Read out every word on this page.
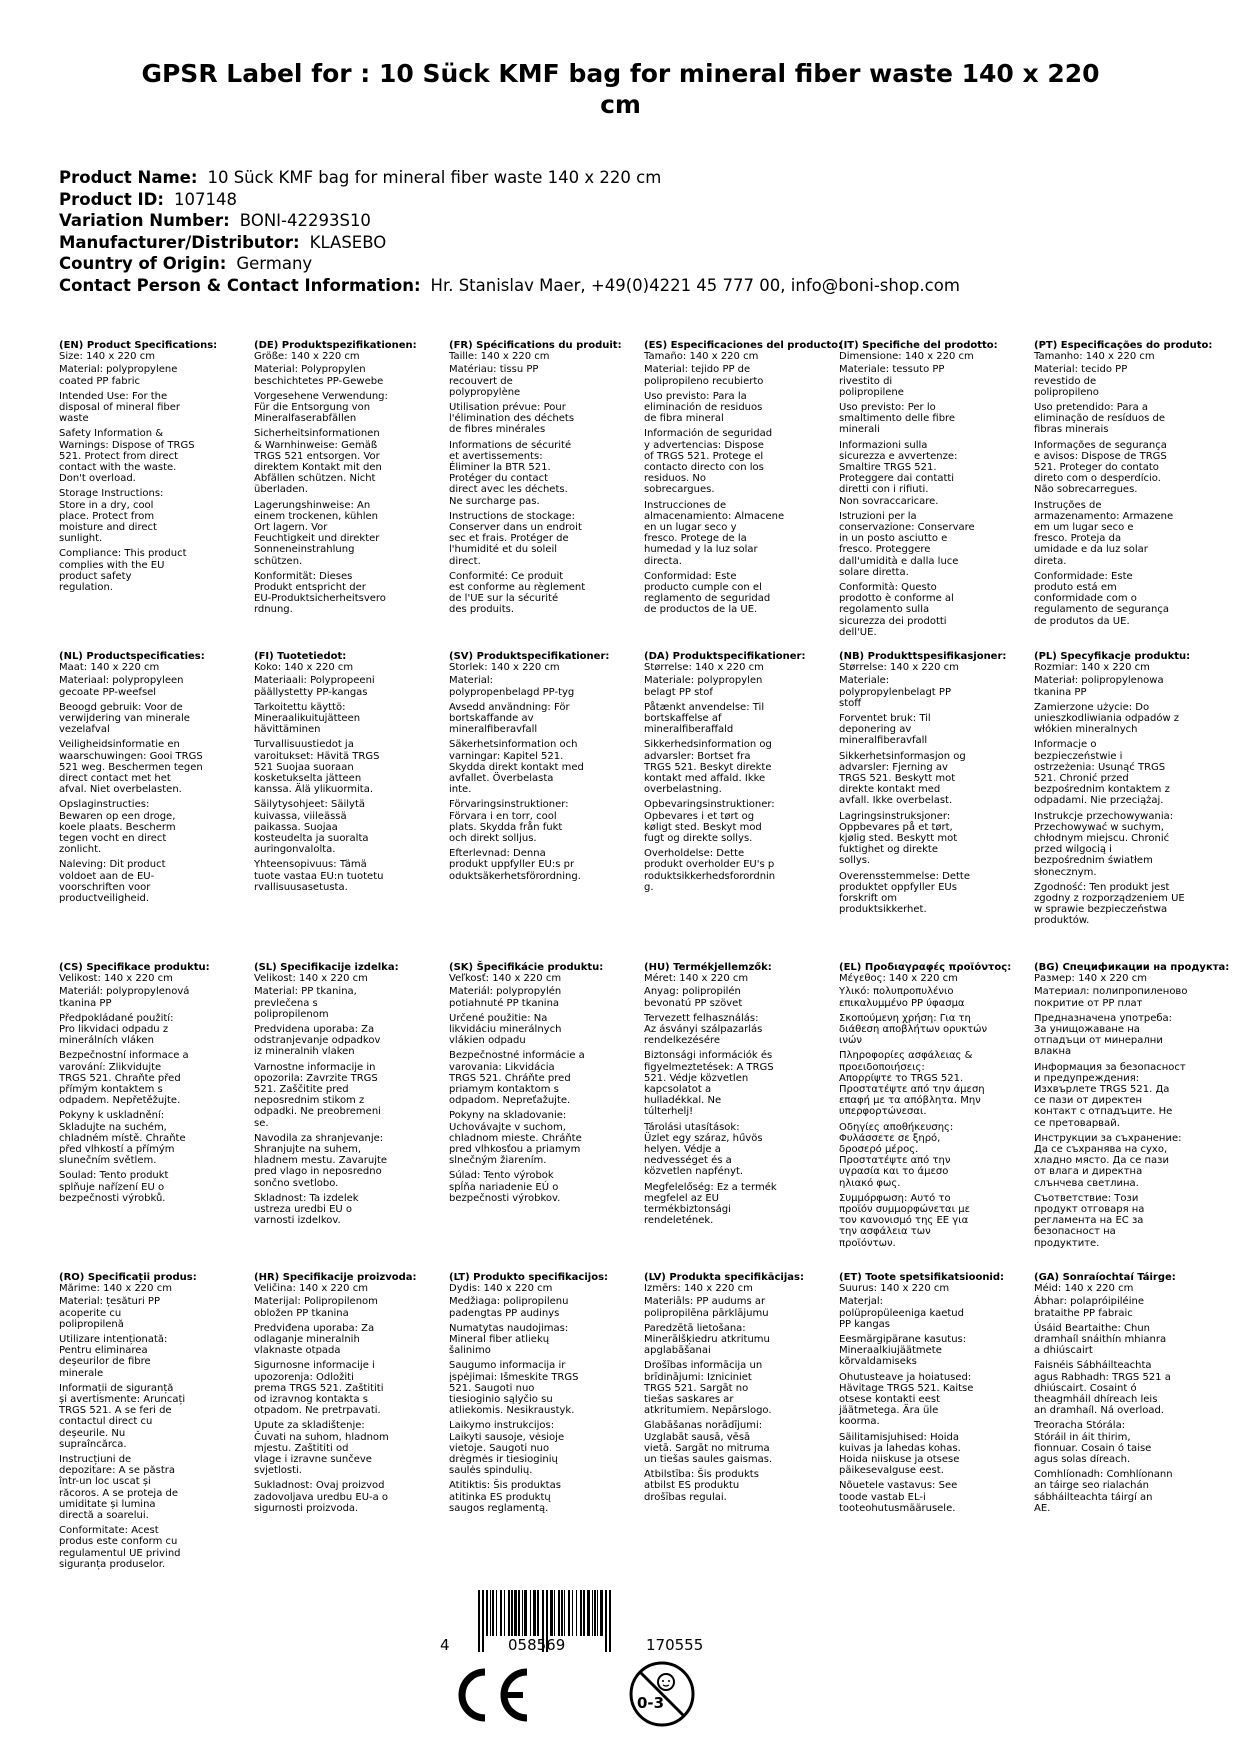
GPSR Label for : 10 Sück KMF bag for mineral fiber waste 140 x 220 cm
Product Name: 10 Sück KMF bag for mineral fiber waste 140 x 220 cm
Product ID: 107148
Variation Number: BONI-42293S10
Manufacturer/Distributor: KLASEBO
Country of Origin: Germany
Contact Person & Contact Information: Hr. Stanislav Maer, +49(0)4221 45 777 00, info@boni-shop.com
(EN) Product Specifications:

Size: 140 x 220 cm

Material: polypropylene
coated PP fabric

Intended Use: For the
disposal of mineral fiber
waste

Safety Information &
Warnings: Dispose of TRGS
521. Protect from direct
contact with the waste.
Don't overload.

Storage Instructions:
Store in a dry, cool
place. Protect from
moisture and direct
sunlight.

Compliance: This product
complies with the EU
product safety
regulation.

(DE) Produktspezifikationen:

Größe: 140 x 220 cm

Material: Polypropylen
beschichtetes PP-Gewebe

Vorgesehene Verwendung:
Für die Entsorgung von
Mineralfaserabfällen

Sicherheitsinformationen
& Warnhinweise: Gemäß
TRGS 521 entsorgen. Vor
direktem Kontakt mit den
Abfällen schützen. Nicht
überladen.

Lagerungshinweise: An
einem trockenen, kühlen
Ort lagern. Vor
Feuchtigkeit und direkter
Sonneneinstrahlung
schützen.

Konformität: Dieses
Produkt entspricht der
EU-Produktsicherheitsvero
rdnung.

(FR) Spécifications du produit:

Taille: 140 x 220 cm

Matériau: tissu PP
recouvert de
polypropylène

Utilisation prévue: Pour
l'élimination des déchets
de fibres minérales

Informations de sécurité
et avertissements:
Éliminer la BTR 521.
Protéger du contact
direct avec les déchets.
Ne surcharge pas.

Instructions de stockage:
Conserver dans un endroit
sec et frais. Protéger de
l'humidité et du soleil
direct.

Conformité: Ce produit
est conforme au règlement
de l'UE sur la sécurité
des produits.

(ES) Especificaciones del producto:

Tamaño: 140 x 220 cm

Material: tejido PP de
polipropileno recubierto

Uso previsto: Para la
eliminación de residuos
de fibra mineral

Información de seguridad
y advertencias: Dispose
of TRGS 521. Protege el
contacto directo con los
residuos. No
sobrecargues.

Instrucciones de
almacenamiento: Almacene
en un lugar seco y
fresco. Protege de la
humedad y la luz solar
directa.

Conformidad: Este
producto cumple con el
reglamento de seguridad
de productos de la UE.

(IT) Specifiche del prodotto:

Dimensione: 140 x 220 cm

Materiale: tessuto PP
rivestito di
polipropilene

Uso previsto: Per lo
smaltimento delle fibre
minerali

Informazioni sulla
sicurezza e avvertenze:
Smaltire TRGS 521.
Proteggere dai contatti
diretti con i rifiuti.
Non sovraccaricare.

Istruzioni per la
conservazione: Conservare
in un posto asciutto e
fresco. Proteggere
dall'umidità e dalla luce
solare diretta.

Conformità: Questo
prodotto è conforme al
regolamento sulla
sicurezza dei prodotti
dell'UE.

(PT) Especificações do produto:

Tamanho: 140 x 220 cm

Material: tecido PP
revestido de
polipropileno

Uso pretendido: Para a
eliminação de resíduos de
fibras minerais

Informações de segurança
e avisos: Dispose de TRGS
521. Proteger do contato
direto com o desperdício.
Não sobrecarregues.

Instruções de
armazenamento: Armazene
em um lugar seco e
fresco. Proteja da
umidade e da luz solar
direta.

Conformidade: Este
produto está em
conformidade com o
regulamento de segurança
de produtos da UE.

(NL) Productspecificaties:

Maat: 140 x 220 cm

Materiaal: polypropyleen
gecoate PP-weefsel

Beoogd gebruik: Voor de
verwijdering van minerale
vezelafval

Veiligheidsinformatie en
waarschuwingen: Gooi TRGS
521 weg. Beschermen tegen
direct contact met het
afval. Niet overbelasten.

Opslaginstructies:
Bewaren op een droge,
koele plaats. Bescherm
tegen vocht en direct
zonlicht.

Naleving: Dit product
voldoet aan de EU-
voorschriften voor
productveiligheid.

(FI) Tuotetiedot:

Koko: 140 x 220 cm

Materiaali: Polypropeeni
päällystetty PP-kangas

Tarkoitettu käyttö:
Mineraalikuitujätteen
hävittäminen

Turvallisuustiedot ja
varoitukset: Hävitä TRGS
521 Suojaa suoraan
kosketukselta jätteen
kanssa. Älä ylikuormita.

Säilytysohjeet: Säilytä
kuivassa, viileässä
paikassa. Suojaa
kosteudelta ja suoralta
auringonvalolta.

Yhteensopivuus: Tämä
tuote vastaa EU:n tuotetu
rvallisuusasetusta.

(SV) Produktspecifikationer:

Storlek: 140 x 220 cm

Material:
polypropenbelagd PP-tyg

Avsedd användning: För
bortskaffande av
mineralfiberavfall

Säkerhetsinformation och
varningar: Kapitel 521.
Skydda direkt kontakt med
avfallet. Överbelasta
inte.

Förvaringsinstruktioner:
Förvara i en torr, cool
plats. Skydda från fukt
och direkt solljus.

Efterlevnad: Denna
produkt uppfyller EU:s pr
oduktsäkerhetsförordning.

(DA) Produktspecifikationer:

Størrelse: 140 x 220 cm

Materiale: polypropylen
belagt PP stof

Påtænkt anvendelse: Til
bortskaffelse af
mineralfiberaffald

Sikkerhedsinformation og
advarsler: Bortset fra
TRGS 521. Beskyt direkte
kontakt med affald. Ikke
overbelastning.

Opbevaringsinstruktioner:
Opbevares i et tørt og
køligt sted. Beskyt mod
fugt og direkte sollys.

Overholdelse: Dette
produkt overholder EU's p
roduktsikkerhedsforordnin
g.

(NB) Produkttspesifikasjoner:

Størrelse: 140 x 220 cm

Materiale:
polypropylenbelagt PP
stoff

Forventet bruk: Til
deponering av
mineralfiberavfall

Sikkerhetsinformasjon og
advarsler: Fjerning av
TRGS 521. Beskytt mot
direkte kontakt med
avfall. Ikke overbelast.

Lagringsinstruksjoner:
Oppbevares på et tørt,
kjølig sted. Beskytt mot
fuktighet og direkte
sollys.

Overensstemmelse: Dette
produktet oppfyller EUs
forskrift om
produktsikkerhet.

(PL) Specyfikacje produktu:

Rozmiar: 140 x 220 cm

Materiał: polipropylenowa
tkanina PP

Zamierzone użycie: Do
unieszkodliwiania odpadów z
włókien mineralnych

Informacje o
bezpieczeństwie i
ostrzeżenia: Usunąć TRGS
521. Chronić przed
bezpośrednim kontaktem z
odpadami. Nie przeciążaj.

Instrukcje przechowywania:
Przechowywać w suchym,
chłodnym miejscu. Chronić
przed wilgocią i
bezpośrednim światłem
słonecznym.

Zgodność: Ten produkt jest
zgodny z rozporządzeniem UE
w sprawie bezpieczeństwa
produktów.

(CS) Specifikace produktu:

Velikost: 140 x 220 cm

Materiál: polypropylenová
tkanina PP

Předpokládané použití:
Pro likvidaci odpadu z
minerálních vláken

Bezpečnostní informace a
varování: Zlikvidujte
TRGS 521. Chraňte před
přímým kontaktem s
odpadem. Nepřetěžujte.

Pokyny k uskladnění:
Skladujte na suchém,
chladném místě. Chraňte
před vlhkostí a přímým
slunečním světlem.

Soulad: Tento produkt
splňuje nařízení EU o
bezpečnosti výrobků.

(SL) Specifikacije izdelka:

Velikost: 140 x 220 cm

Material: PP tkanina,
prevlečena s
polipropilenom

Predvidena uporaba: Za
odstranjevanje odpadkov
iz mineralnih vlaken

Varnostne informacije in
opozorila: Zavrzite TRGS
521. Zaščitite pred
neposrednim stikom z
odpadki. Ne preobremeni
se.

Navodila za shranjevanje:
Shranjujte na suhem,
hladnem mestu. Zavarujte
pred vlago in neposredno
sončno svetlobo.

Skladnost: Ta izdelek
ustreza uredbi EU o
varnosti izdelkov.

(SK) Špecifikácie produktu:

Veľkosť: 140 x 220 cm

Materiál: polypropylén
potiahnuté PP tkanina

Určené použitie: Na
likvidáciu minerálnych
vlákien odpadu

Bezpečnostné informácie a
varovania: Likvidácia
TRGS 521. Chráňte pred
priamym kontaktom s
odpadom. Nepreťažujte.

Pokyny na skladovanie:
Uchovávajte v suchom,
chladnom mieste. Chráňte
pred vlhkosťou a priamym
slnečným žiarením.

Súlad: Tento výrobok
spĺňa nariadenie EÚ o
bezpečnosti výrobkov.

(HU) Termékjellemzők:

Méret: 140 x 220 cm

Anyag: polipropilén
bevonatú PP szövet

Tervezett felhasználás:
Az ásványi szálpazarlás
rendelkezésére

Biztonsági információk és
figyelmeztetések: A TRGS
521. Védje közvetlen
kapcsolatot a
hulladékkal. Ne
túlterhelj!

Tárolási utasítások:
Üzlet egy száraz, hűvös
helyen. Védje a
nedvességet és a
közvetlen napfényt.

Megfelelőség: Ez a termék
megfelel az EU
termékbiztonsági
rendeletének.

(EL) Προδιαγραφές προϊόντος:

Μέγεθος: 140 x 220 cm

Υλικό: πολυπροπυλένιο
επικαλυμμένο PP ύφασμα

Σκοπούμενη χρήση: Για τη
διάθεση αποβλήτων ορυκτών
ινών

Πληροφορίες ασφάλειας &
προειδοποιήσεις:
Απορρίψτε το TRGS 521.
Προστατέψτε από την άμεση
επαφή με τα απόβλητα. Μην
υπερφορτώνεσαι.

Οδηγίες αποθήκευσης:
Φυλάσσετε σε ξηρό,
δροσερό μέρος.
Προστατέψτε από την
υγρασία και το άμεσο
ηλιακό φως.

Συμμόρφωση: Αυτό το
προϊόν συμμορφώνεται με
τον κανονισμό της ΕΕ για
την ασφάλεια των
προϊόντων.

(BG) Спецификации на продукта:

Размер: 140 x 220 cm

Материал: полипропиленово
покритие от PP плат

Предназначена употреба:
За унищожаване на
отпадъци от минерални
влакна

Информация за безопасност
и предупреждения:
Изхвърлете TRGS 521. Да
се пази от директен
контакт с отпадъците. Не
се претоварвай.

Инструкции за съхранение:
Да се съхранява на сухо,
хладно място. Да се пази
от влага и директна
слънчева светлина.

Съответствие: Този
продукт отговаря на
регламента на ЕС за
безопасност на
продуктите.

(RO) Specificații produs:

Mărime: 140 x 220 cm

Material: țesături PP
acoperite cu
polipropilenă

Utilizare intenționată:
Pentru eliminarea
deșeurilor de fibre
minerale

Informații de siguranță
și avertismente: Aruncați
TRGS 521. A se feri de
contactul direct cu
deșeurile. Nu
supraîncărca.

Instrucțiuni de
depozitare: A se păstra
într-un loc uscat și
răcoros. A se proteja de
umiditate și lumina
directă a soarelui.

Conformitate: Acest
produs este conform cu
regulamentul UE privind
siguranța produselor.

(HR) Specifikacije proizvoda:

Veličina: 140 x 220 cm

Materijal: Polipropilenom
obložen PP tkanina

Predviđena uporaba: Za
odlaganje mineralnih
vlaknaste otpada

Sigurnosne informacije i
upozorenja: Odložiti
prema TRGS 521. Zaštititi
od izravnog kontakta s
otpadom. Ne pretrpavati.

Upute za skladištenje:
Čuvati na suhom, hladnom
mjestu. Zaštititi od
vlage i izravne sunčeve
svjetlosti.

Sukladnost: Ovaj proizvod
zadovoljava uredbu EU-a o
sigurnosti proizvoda.

(LT) Produkto specifikacijos:

Dydis: 140 x 220 cm

Medžiaga: polipropilenu
padengtas PP audinys

Numatytas naudojimas:
Mineral fiber atliekų
šalinimo

Saugumo informacija ir
įspėjimai: Išmeskite TRGS
521. Saugoti nuo
tiesioginio sąlyčio su
atliekomis. Nesikraustyk.

Laikymo instrukcijos:
Laikyti sausoje, vėsioje
vietoje. Saugoti nuo
drėgmės ir tiesioginių
saulės spindulių.

Atitiktis: Šis produktas
atitinka ES produktų
saugos reglamentą.

(LV) Produkta specifikācijas:

Izmērs: 140 x 220 cm

Materiāls: PP audums ar
polipropilēna pārklājumu

Paredzētā lietošana:
Minerālšķiedru atkritumu
apglabāšanai

Drošības informācija un
brīdinājumi: Izniciniet
TRGS 521. Sargāt no
tiešas saskares ar
atkritumiem. Nepārslogo.

Glabāšanas norādījumi:
Uzglabāt sausā, vēsā
vietā. Sargāt no mitruma
un tiešas saules gaismas.

Atbilstība: Šis produkts
atbilst ES produktu
drošības regulai.

(ET) Toote spetsifikatsioonid:

Suurus: 140 x 220 cm

Materjal:
polüpropüleeniga kaetud
PP kangas

Eesmärgipärane kasutus:
Mineraalkiujäätmete
kõrvaldamiseks

Ohutusteave ja hoiatused:
Hävitage TRGS 521. Kaitse
otsese kontakti eest
jäätmetega. Ära üle
koorma.

Säilitamisjuhised: Hoida
kuivas ja lahedas kohas.
Hoida niiskuse ja otsese
päikesevalguse eest.

Nõuetele vastavus: See
toode vastab EL-i
tooteohutusmäärusele.

(GA) Sonraíochtaí Táirge:

Méid: 140 x 220 cm

Ábhar: polapróipiléine
brataithe PP fabraic

Úsáid Beartaithe: Chun
dramhaíl snáithín mhianra
a dhiúscairt

Faisnéis Sábháilteachta
agus Rabhadh: TRGS 521 a
dhiúscairt. Cosaint ó
theagmháil dhíreach leis
an dramhaíl. Ná overload.

Treoracha Stórála:
Stóráil in áit thirim,
fionnuar. Cosain ó taise
agus solas díreach.

Comhlíonadh: Comhlíonann
an táirge seo rialachán
sábháilteachta táirgí an
AE.

4	058569	170555
0-3
